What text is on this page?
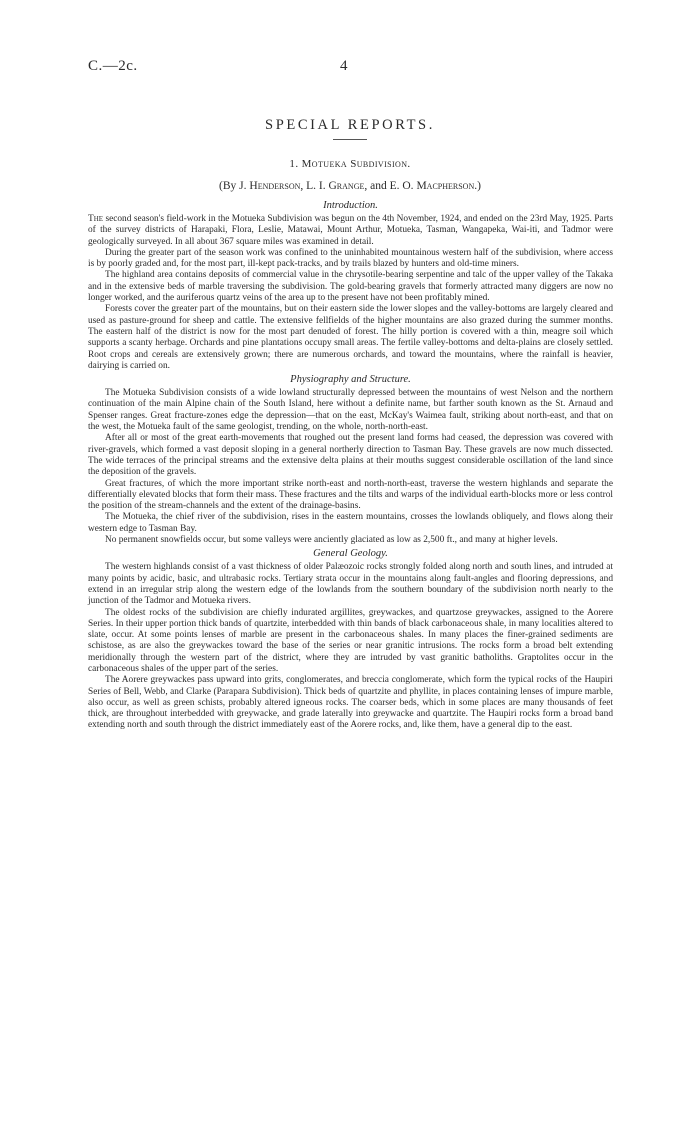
C.—2c.	4
SPECIAL REPORTS.
1. Motueka Subdivision.
(By J. Henderson, L. I. Grange, and E. O. Macpherson.)
Introduction.

The second season's field-work in the Motueka Subdivision was begun on the 4th November, 1924, and ended on the 23rd May, 1925. Parts of the survey districts of Harapaki, Flora, Leslie, Matawai, Mount Arthur, Motueka, Tasman, Wangapeka, Wai-iti, and Tadmor were geologically surveyed. In all about 367 square miles was examined in detail.

During the greater part of the season work was confined to the uninhabited mountainous western half of the subdivision, where access is by poorly graded and, for the most part, ill-kept pack-tracks, and by trails blazed by hunters and old-time miners.

The highland area contains deposits of commercial value in the chrysotile-bearing serpentine and talc of the upper valley of the Takaka and in the extensive beds of marble traversing the subdivision. The gold-bearing gravels that formerly attracted many diggers are now no longer worked, and the auriferous quartz veins of the area up to the present have not been profitably mined.

Forests cover the greater part of the mountains, but on their eastern side the lower slopes and the valley-bottoms are largely cleared and used as pasture-ground for sheep and cattle. The extensive fellfields of the higher mountains are also grazed during the summer months. The eastern half of the district is now for the most part denuded of forest. The hilly portion is covered with a thin, meagre soil which supports a scanty herbage. Orchards and pine plantations occupy small areas. The fertile valley-bottoms and delta-plains are closely settled. Root crops and cereals are extensively grown; there are numerous orchards, and toward the mountains, where the rainfall is heavier, dairying is carried on.

Physiography and Structure.

The Motueka Subdivision consists of a wide lowland structurally depressed between the mountains of west Nelson and the northern continuation of the main Alpine chain of the South Island, here without a definite name, but farther south known as the St. Arnaud and Spenser ranges. Great fracture-zones edge the depression—that on the east, McKay's Waimea fault, striking about north-east, and that on the west, the Motueka fault of the same geologist, trending, on the whole, north-north-east.

After all or most of the great earth-movements that roughed out the present land forms had ceased, the depression was covered with river-gravels, which formed a vast deposit sloping in a general northerly direction to Tasman Bay. These gravels are now much dissected. The wide terraces of the principal streams and the extensive delta plains at their mouths suggest considerable oscillation of the land since the deposition of the gravels.

Great fractures, of which the more important strike north-east and north-north-east, traverse the western highlands and separate the differentially elevated blocks that form their mass. These fractures and the tilts and warps of the individual earth-blocks more or less control the position of the stream-channels and the extent of the drainage-basins.

The Motueka, the chief river of the subdivision, rises in the eastern mountains, crosses the lowlands obliquely, and flows along their western edge to Tasman Bay.

No permanent snowfields occur, but some valleys were anciently glaciated as low as 2,500 ft., and many at higher levels.

General Geology.

The western highlands consist of a vast thickness of older Palæozoic rocks strongly folded along north and south lines, and intruded at many points by acidic, basic, and ultrabasic rocks. Tertiary strata occur in the mountains along fault-angles and flooring depressions, and extend in an irregular strip along the western edge of the lowlands from the southern boundary of the subdivision north nearly to the junction of the Tadmor and Motueka rivers.

The oldest rocks of the subdivision are chiefly indurated argillites, greywackes, and quartzose greywackes, assigned to the Aorere Series. In their upper portion thick bands of quartzite, interbedded with thin bands of black carbonaceous shale, in many localities altered to slate, occur. At some points lenses of marble are present in the carbonaceous shales. In many places the finer-grained sediments are schistose, as are also the greywackes toward the base of the series or near granitic intrusions. The rocks form a broad belt extending meridionally through the western part of the district, where they are intruded by vast granitic batholiths. Graptolites occur in the carbonaceous shales of the upper part of the series.

The Aorere greywackes pass upward into grits, conglomerates, and breccia conglomerate, which form the typical rocks of the Haupiri Series of Bell, Webb, and Clarke (Parapara Subdivision). Thick beds of quartzite and phyllite, in places containing lenses of impure marble, also occur, as well as green schists, probably altered igneous rocks. The coarser beds, which in some places are many thousands of feet thick, are throughout interbedded with greywacke, and grade laterally into greywacke and quartzite. The Haupiri rocks form a broad band extending north and south through the district immediately east of the Aorere rocks, and, like them, have a general dip to the east.
